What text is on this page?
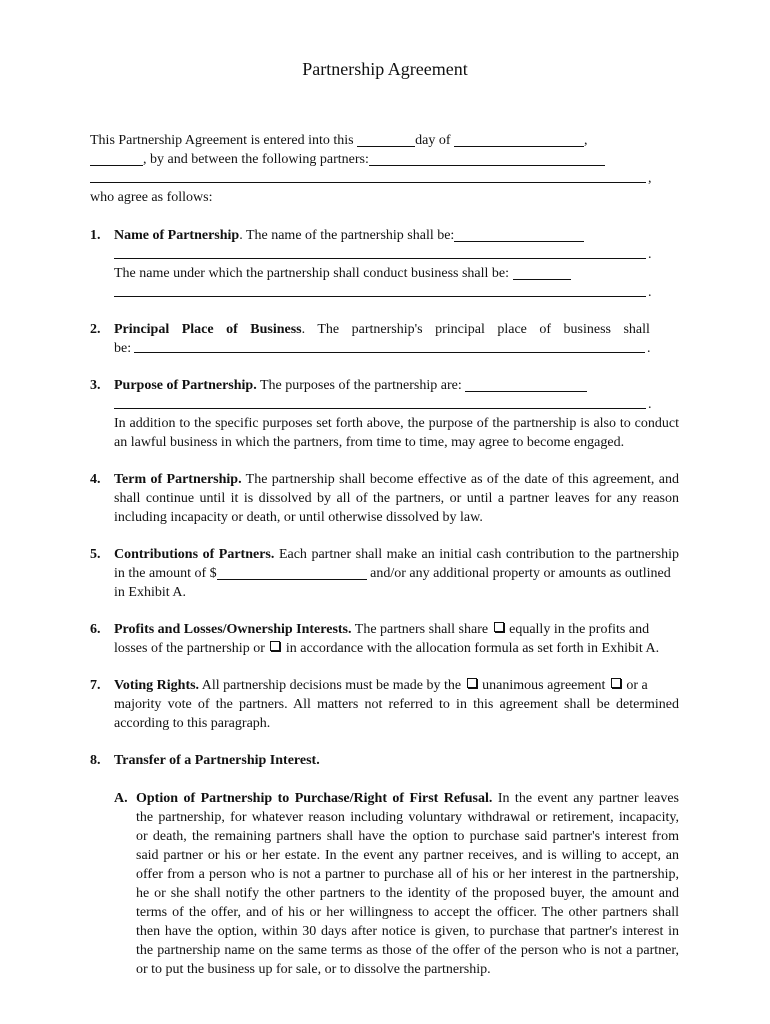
Partnership Agreement
This Partnership Agreement is entered into this	day of	,
, by and between the following partners:
,
who agree as follows:
1. Name of Partnership. The name of the partnership shall be:
.
The name under which the partnership shall conduct business shall be:
.
2. Principal Place of Business. The partnership's principal place of business shall
be:	.
3. Purpose of Partnership. The purposes of the partnership are:
.
In addition to the specific purposes set forth above, the purpose of the partnership is also to conduct
an lawful business in which the partners, from time to time, may agree to become engaged.
4. Term of Partnership. The partnership shall become effective as of the date of this agreement, and
shall continue until it is dissolved by all of the partners, or until a partner leaves for any reason
including incapacity or death, or until otherwise dissolved by law.
5. Contributions of Partners. Each partner shall make an initial cash contribution to the partnership
in the amount of $	and/or any additional property or amounts as outlined
in Exhibit A.
6. Profits and Losses/Ownership Interests. The partners shall share equally in the profits and
losses of the partnership or in accordance with the allocation formula as set forth in Exhibit A.
7. Voting Rights. All partnership decisions must be made by the unanimous agreement or a
majority vote of the partners. All matters not referred to in this agreement shall be determined
according to this paragraph.
8. Transfer of a Partnership Interest.
A. Option of Partnership to Purchase/Right of First Refusal. In the event any partner leaves
the partnership, for whatever reason including voluntary withdrawal or retirement, incapacity,
or death, the remaining partners shall have the option to purchase said partner's interest from
said partner or his or her estate. In the event any partner receives, and is willing to accept, an
offer from a person who is not a partner to purchase all of his or her interest in the partnership,
he or she shall notify the other partners to the identity of the proposed buyer, the amount and
terms of the offer, and of his or her willingness to accept the officer. The other partners shall
then have the option, within 30 days after notice is given, to purchase that partner's interest in
the partnership name on the same terms as those of the offer of the person who is not a partner,
or to put the business up for sale, or to dissolve the partnership.
